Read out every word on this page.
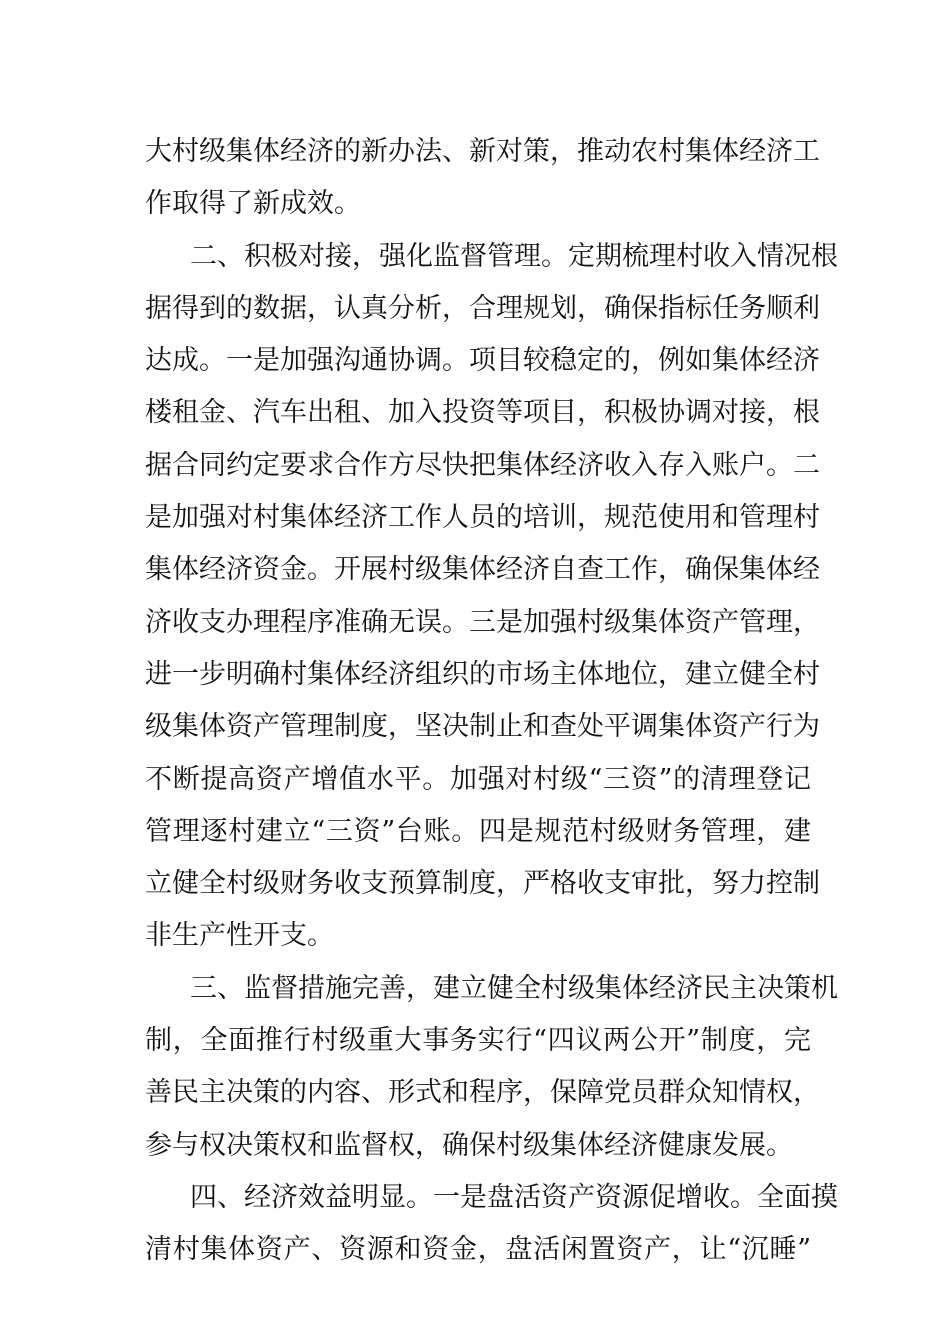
大村级集体经济的新办法、新对策，推动农村集体经济工
作取得了新成效。
二、积极对接，强化监督管理。定期梳理村收入情况根
据得到的数据，认真分析，合理规划，确保指标任务顺利
达成。一是加强沟通协调。项目较稳定的，例如集体经济
楼租金、汽车出租、加入投资等项目，积极协调对接，根
据合同约定要求合作方尽快把集体经济收入存入账户。二
是加强对村集体经济工作人员的培训，规范使用和管理村
集体经济资金。开展村级集体经济自查工作，确保集体经
济收支办理程序准确无误。三是加强村级集体资产管理，
进一步明确村集体经济组织的市场主体地位，建立健全村
级集体资产管理制度，坚决制止和查处平调集体资产行为
不断提高资产增值水平。加强对村级“三资”的清理登记
管理逐村建立“三资”台账。四是规范村级财务管理，建
立健全村级财务收支预算制度，严格收支审批，努力控制
非生产性开支。
三、监督措施完善，建立健全村级集体经济民主决策机
制，全面推行村级重大事务实行“四议两公开”制度，完
善民主决策的内容、形式和程序，保障党员群众知情权，
参与权决策权和监督权，确保村级集体经济健康发展。
四、经济效益明显。一是盘活资产资源促增收。全面摸
清村集体资产、资源和资金，盘活闲置资产，让“沉睡”
